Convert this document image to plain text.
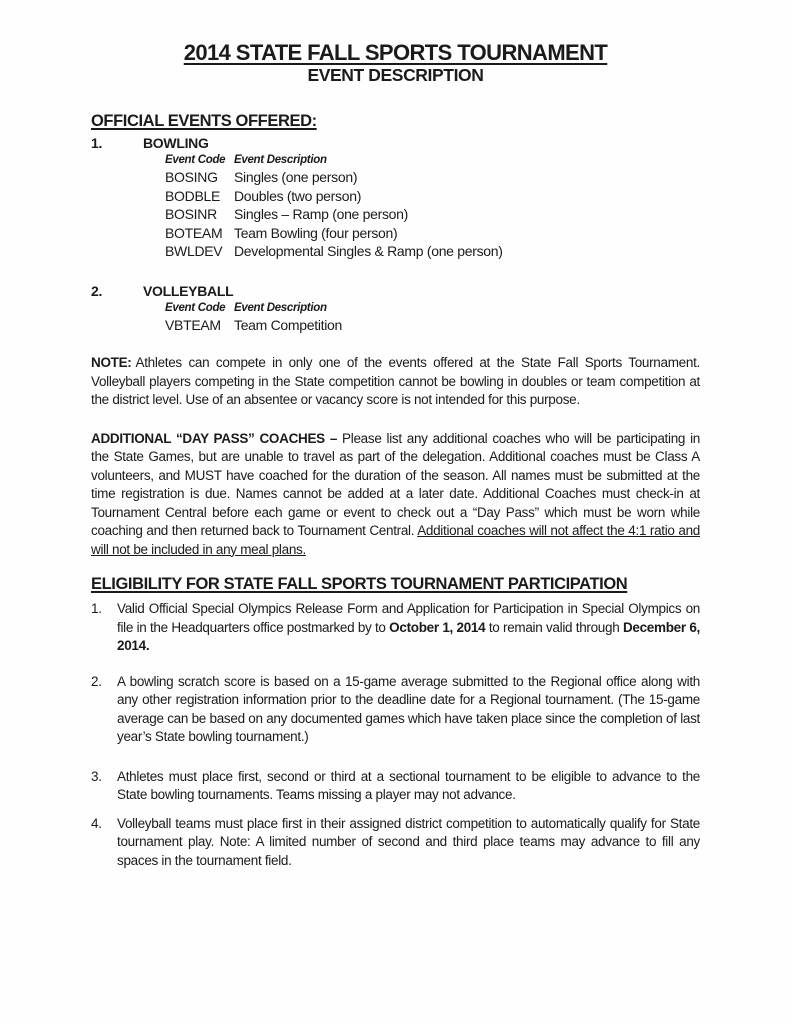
2014 STATE FALL SPORTS TOURNAMENT
EVENT DESCRIPTION
OFFICIAL EVENTS OFFERED:
1.	BOWLING
Event Code Event Description
BOSING	Singles (one person)
BODBLE	Doubles (two person)
BOSINR	Singles – Ramp (one person)
BOTEAM Team Bowling (four person)
BWLDEV Developmental Singles & Ramp (one person)
2.	VOLLEYBALL
Event Code Event Description
VBTEAM Team Competition

NOTE: Athletes can compete in only one of the events offered at the State Fall Sports Tournament. Volleyball players competing in the State competition cannot be bowling in doubles or team competition at the district level. Use of an absentee or vacancy score is not intended for this purpose.

ADDITIONAL “DAY PASS” COACHES – Please list any additional coaches who will be participating in the State Games, but are unable to travel as part of the delegation. Additional coaches must be Class A volunteers, and MUST have coached for the duration of the season. All names must be submitted at the time registration is due. Names cannot be added at a later date. Additional Coaches must check-in at Tournament Central before each game or event to check out a “Day Pass” which must be worn while coaching and then returned back to Tournament Central. Additional coaches will not affect the 4:1 ratio and will not be included in any meal plans.

ELIGIBILITY FOR STATE FALL SPORTS TOURNAMENT PARTICIPATION
1.	Valid Official Special Olympics Release Form and Application for Participation in Special Olympics on file in the Headquarters office postmarked by to October 1, 2014 to remain valid through December 6, 2014.
2.	A bowling scratch score is based on a 15-game average submitted to the Regional office along with any other registration information prior to the deadline date for a Regional tournament. (The 15-game average can be based on any documented games which have taken place since the completion of last year’s State bowling tournament.)
3.	Athletes must place first, second or third at a sectional tournament to be eligible to advance to the State bowling tournaments. Teams missing a player may not advance.
4.	Volleyball teams must place first in their assigned district competition to automatically qualify for State tournament play. Note: A limited number of second and third place teams may advance to fill any spaces in the tournament field.
